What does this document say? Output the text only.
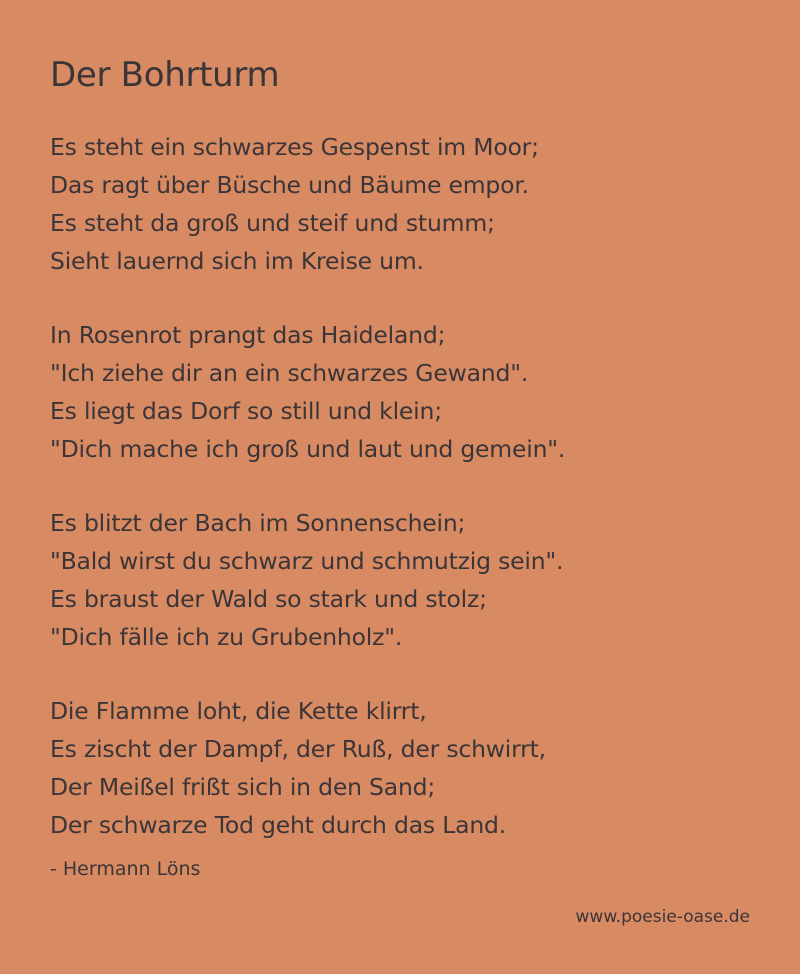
Der Bohrturm
Es steht ein schwarzes Gespenst im Moor;
Das ragt über Büsche und Bäume empor.
Es steht da groß und steif und stumm;
Sieht lauernd sich im Kreise um.
In Rosenrot prangt das Haideland;
"Ich ziehe dir an ein schwarzes Gewand".
Es liegt das Dorf so still und klein;
"Dich mache ich groß und laut und gemein".
Es blitzt der Bach im Sonnenschein;
"Bald wirst du schwarz und schmutzig sein".
Es braust der Wald so stark und stolz;
"Dich fälle ich zu Grubenholz".
Die Flamme loht, die Kette klirrt,
Es zischt der Dampf, der Ruß, der schwirrt,
Der Meißel frißt sich in den Sand;
Der schwarze Tod geht durch das Land.
- Hermann Löns
www.poesie-oase.de
